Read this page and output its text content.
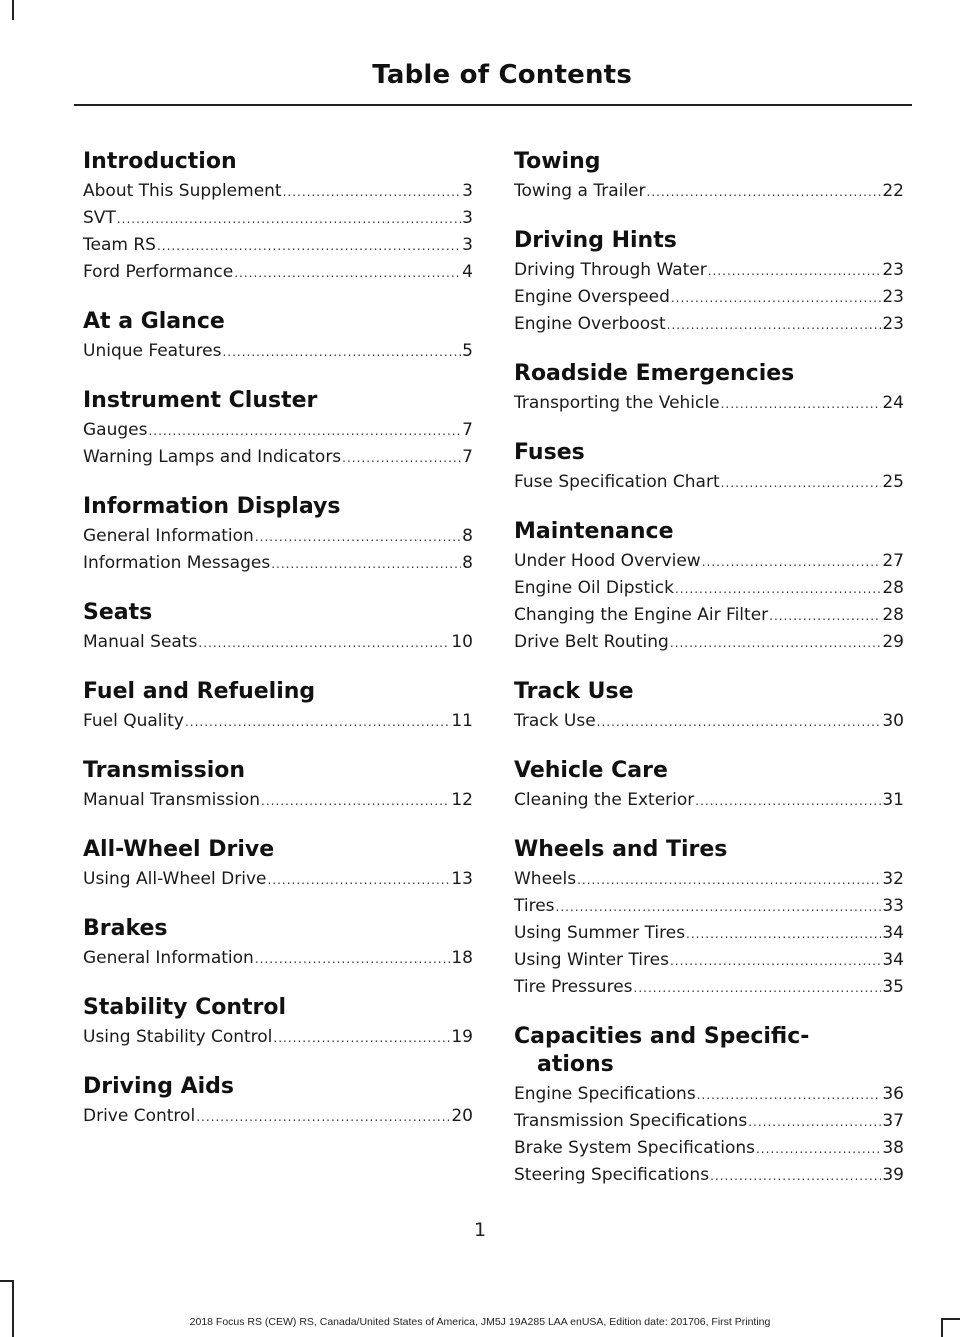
Table of Contents
Introduction
About This Supplement .....	3
SVT .....	3
Team RS .....	3
Ford Performance .....	4
At a Glance
Unique Features .....	5
Instrument Cluster
Gauges .....	7
Warning Lamps and Indicators .....	7
Information Displays
General Information .....	8
Information Messages .....	8
Seats
Manual Seats .....	10
Fuel and Refueling
Fuel Quality .....	11
Transmission
Manual Transmission .....	12
All-Wheel Drive
Using All-Wheel Drive .....	13
Brakes
General Information .....	18
Stability Control
Using Stability Control .....	19
Driving Aids
Drive Control .....	20
Towing
Towing a Trailer .....	22
Driving Hints
Driving Through Water .....	23
Engine Overspeed .....	23
Engine Overboost .....	23
Roadside Emergencies
Transporting the Vehicle .....	24
Fuses
Fuse Specification Chart .....	25
Maintenance
Under Hood Overview .....	27
Engine Oil Dipstick .....	28
Changing the Engine Air Filter .....	28
Drive Belt Routing .....	29
Track Use
Track Use .....	30
Vehicle Care
Cleaning the Exterior .....	31
Wheels and Tires
Wheels .....	32
Tires .....	33
Using Summer Tires .....	34
Using Winter Tires .....	34
Tire Pressures .....	35
Capacities and Specific-
ations
Engine Specifications .....	36
Transmission Specifications .....	37
Brake System Specifications .....	38
Steering Specifications .....	39
1
2018 Focus RS (CEW) RS, Canada/United States of America, JM5J 19A285 LAA enUSA, Edition date: 201706, First Printing
